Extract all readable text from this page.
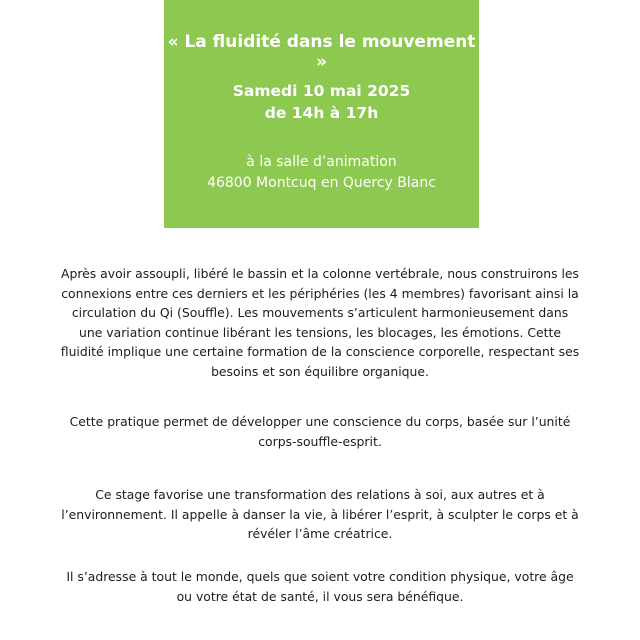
« La fluidité dans le mouvement »
Samedi 10 mai 2025
de 14h à 17h
à la salle d’animation
46800 Montcuq en Quercy Blanc
Après avoir assoupli, libéré le bassin et la colonne vertébrale, nous construirons les connexions entre ces derniers et les périphéries (les 4 membres) favorisant ainsi la circulation du Qi (Souffle). Les mouvements s’articulent harmonieusement dans une variation continue libérant les tensions, les blocages, les émotions. Cette fluidité implique une certaine formation de la conscience corporelle, respectant ses besoins et son équilibre organique.
Cette pratique permet de développer une conscience du corps, basée sur l’unité corps-souffle-esprit.
Ce stage favorise une transformation des relations à soi, aux autres et à l’environnement. Il appelle à danser la vie, à libérer l’esprit, à sculpter le corps et à révéler l’âme créatrice.
Il s’adresse à tout le monde, quels que soient votre condition physique, votre âge ou votre état de santé, il vous sera bénéfique.
